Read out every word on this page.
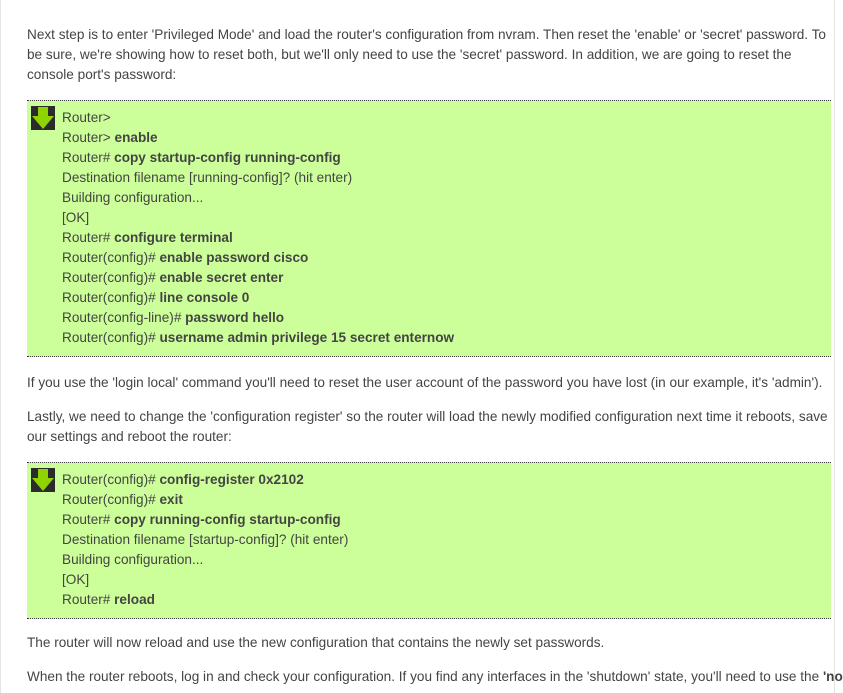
Next step is to enter 'Privileged Mode' and load the router's configuration from nvram. Then reset the 'enable' or 'secret' password. To be sure, we're showing how to reset both, but we'll only need to use the 'secret' password. In addition, we are going to reset the console port's password:

Router>
Router> enable
Router# copy startup-config running-config
Destination filename [running-config]? (hit enter)
Building configuration...
[OK]
Router# configure terminal
Router(config)# enable password cisco
Router(config)# enable secret enter
Router(config)# line console 0
Router(config-line)# password hello
Router(config)# username admin privilege 15 secret enternow

If you use the 'login local' command you'll need to reset the user account of the password you have lost (in our example, it's 'admin').

Lastly, we need to change the 'configuration register' so the router will load the newly modified configuration next time it reboots, save our settings and reboot the router:

Router(config)# config-register 0x2102
Router(config)# exit
Router# copy running-config startup-config
Destination filename [startup-config]? (hit enter)
Building configuration...
[OK]
Router# reload

The router will now reload and use the new configuration that contains the newly set passwords.

When the router reboots, log in and check your configuration. If you find any interfaces in the 'shutdown' state, you'll need to use the 'no
